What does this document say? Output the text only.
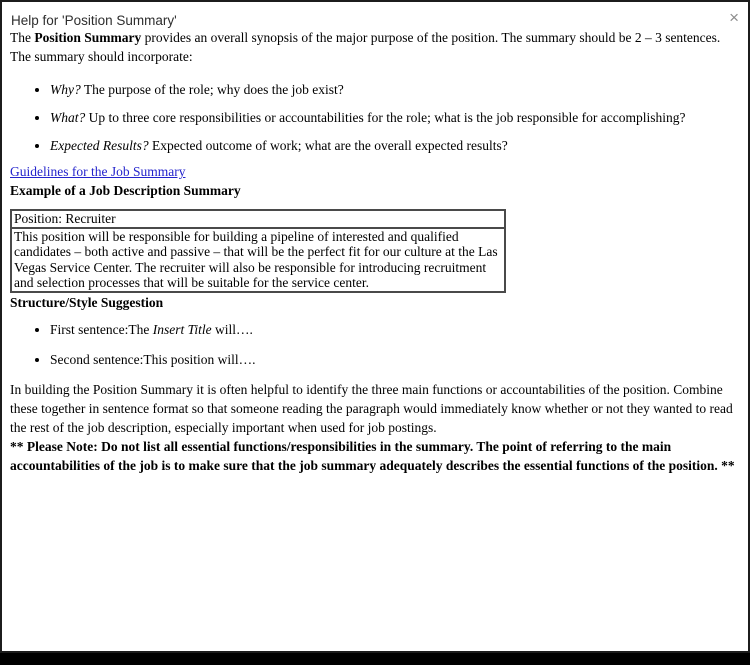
Help for 'Position Summary'	×

The Position Summary provides an overall synopsis of the major purpose of the position. The summary should be 2 – 3 sentences. The summary should incorporate:

• Why? The purpose of the role; why does the job exist?
• What? Up to three core responsibilities or accountabilities for the role; what is the job responsible for accomplishing?
• Expected Results? Expected outcome of work; what are the overall expected results?

Guidelines for the Job Summary

Example of a Job Description Summary

Position: Recruiter
This position will be responsible for building a pipeline of interested and qualified candidates – both active and passive – that will be the perfect fit for our culture at the Las Vegas Service Center. The recruiter will also be responsible for introducing recruitment and selection processes that will be suitable for the service center.

Structure/Style Suggestion

• First sentence:The Insert Title will….
• Second sentence:This position will….

In building the Position Summary it is often helpful to identify the three main functions or accountabilities of the position. Combine these together in sentence format so that someone reading the paragraph would immediately know whether or not they wanted to read the rest of the job description, especially important when used for job postings.

** Please Note: Do not list all essential functions/responsibilities in the summary. The point of referring to the main accountabilities of the job is to make sure that the job summary adequately describes the essential functions of the position. **
